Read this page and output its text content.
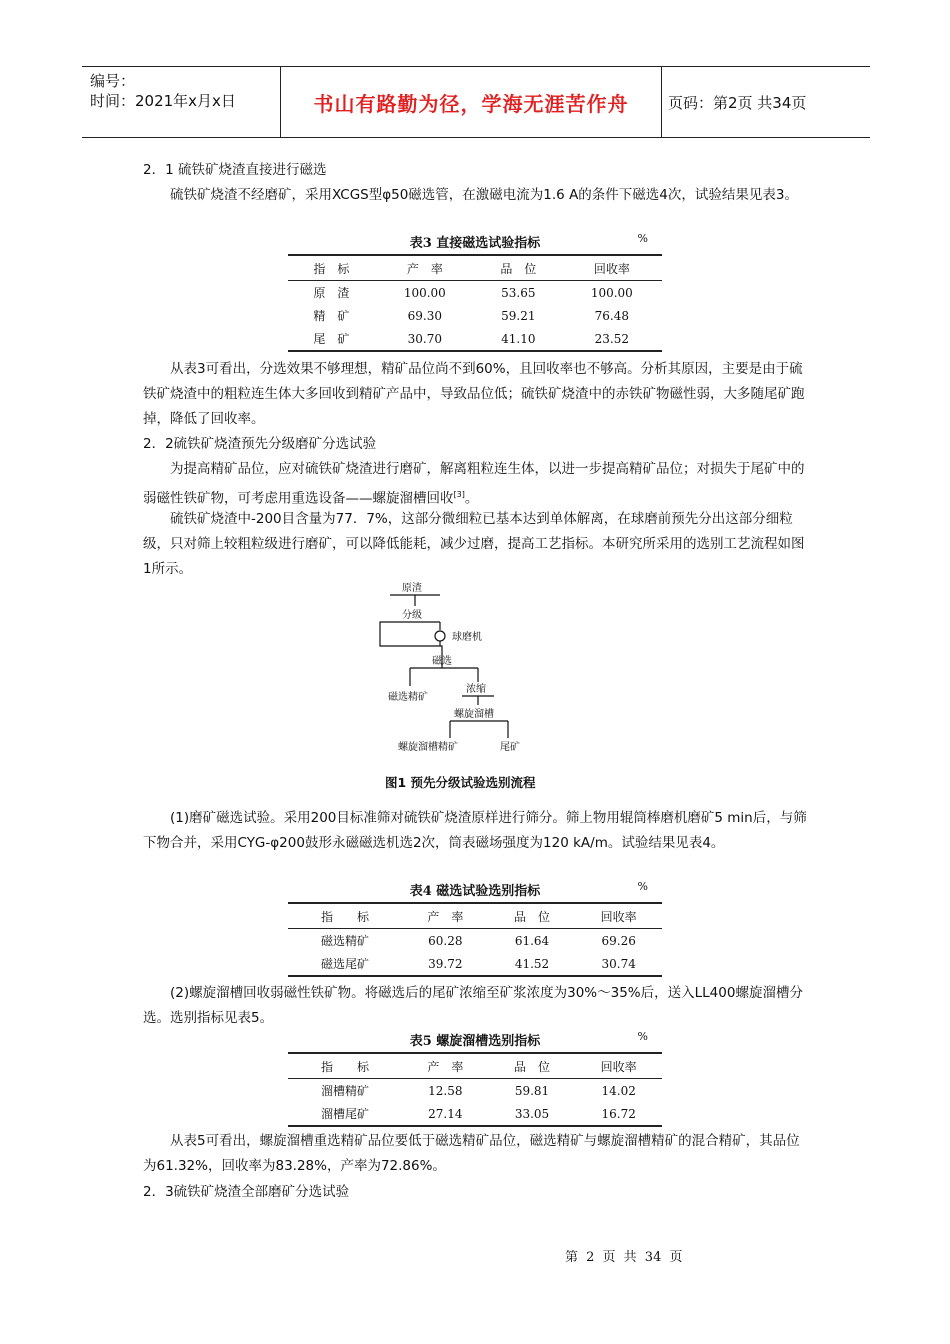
编号：
时间：2021年x月x日	书山有路勤为径，学海无涯苦作舟	页码：第2页 共34页
2．1 硫铁矿烧渣直接进行磁选
硫铁矿烧渣不经磨矿，采用XCGS型φ50磁选管，在激磁电流为1.6 A的条件下磁选4次，试验结果见表3。
表3 直接磁选试验指标	%
指　标	产　率	品　位	回收率
原　渣	100.00	53.65	100.00
精　矿	69.30	59.21	76.48
尾　矿	30.70	41.10	23.52
从表3可看出，分选效果不够理想，精矿品位尚不到60%，且回收率也不够高。分析其原因，主要是由于硫铁矿烧渣中的粗粒连生体大多回收到精矿产品中，导致品位低；硫铁矿烧渣中的赤铁矿物磁性弱，大多随尾矿跑掉，降低了回收率。
2．2硫铁矿烧渣预先分级磨矿分选试验
为提高精矿品位，应对硫铁矿烧渣进行磨矿，解离粗粒连生体，以进一步提高精矿品位；对损失于尾矿中的弱磁性铁矿物，可考虑用重选设备——螺旋溜槽回收[3]。
硫铁矿烧渣中-200目含量为77．7%，这部分微细粒已基本达到单体解离，在球磨前预先分出这部分细粒级，只对筛上较粗粒级进行磨矿，可以降低能耗，减少过磨，提高工艺指标。本研究所采用的选别工艺流程如图1所示。
原渣
分级
球磨机
磁选
磁选精矿
浓缩
螺旋溜槽
螺旋溜槽精矿	尾矿
图1 预先分级试验选别流程
(1)磨矿磁选试验。采用200目标准筛对硫铁矿烧渣原样进行筛分。筛上物用辊筒棒磨机磨矿5 min后，与筛下物合并，采用CYG-φ200鼓形永磁磁选机选2次，筒表磁场强度为120 kA/m。试验结果见表4。
表4 磁选试验选别指标	%
指　　标	产　率	品　位	回收率
磁选精矿	60.28	61.64	69.26
磁选尾矿	39.72	41.52	30.74
(2)螺旋溜槽回收弱磁性铁矿物。将磁选后的尾矿浓缩至矿浆浓度为30%～35%后，送入LL400螺旋溜槽分选。选别指标见表5。
表5 螺旋溜槽选别指标	%
指　　标	产　率	品　位	回收率
溜槽精矿	12.58	59.81	14.02
溜槽尾矿	27.14	33.05	16.72
从表5可看出，螺旋溜槽重选精矿品位要低于磁选精矿品位，磁选精矿与螺旋溜槽精矿的混合精矿，其品位为61.32%，回收率为83.28%，产率为72.86%。
2．3硫铁矿烧渣全部磨矿分选试验
第 2 页 共 34 页
